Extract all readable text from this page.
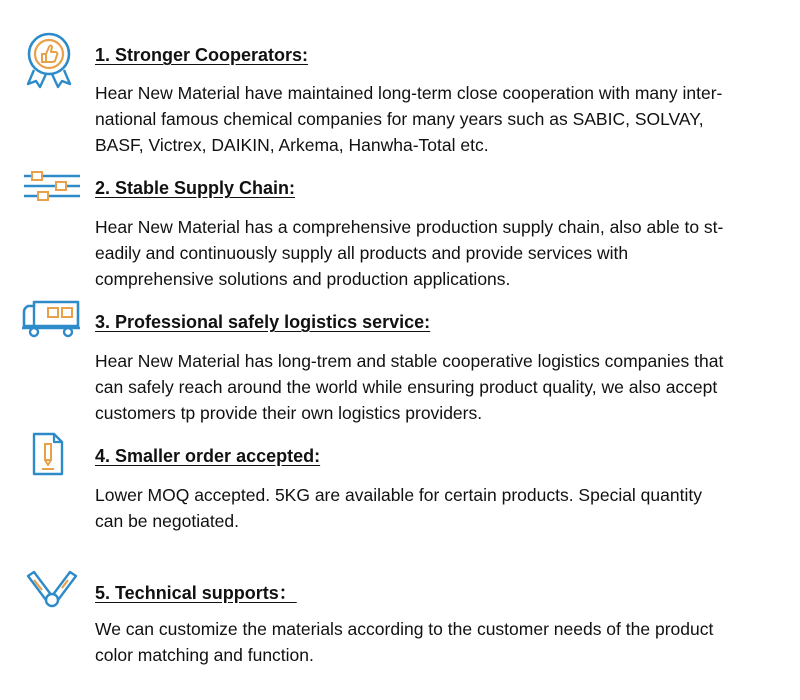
1. Stronger Cooperators:

Hear New Material have maintained long-term close cooperation with many inter-
national famous chemical companies for many years such as SABIC, SOLVAY,
BASF, Victrex, DAIKIN, Arkema, Hanwha-Total etc.

2. Stable Supply Chain:

Hear New Material has a comprehensive production supply chain, also able to st-
eadily and continuously supply all products and provide services with
comprehensive solutions and production applications.

3. Professional safely logistics service:

Hear New Material has long-trem and stable cooperative logistics companies that
can safely reach around the world while ensuring product quality, we also accept
customers tp provide their own logistics providers.

4. Smaller order accepted:

Lower MOQ accepted. 5KG are available for certain products. Special quantity
can be negotiated.

5. Technical supports：

We can customize the materials according to the customer needs of the product
color matching and function.
